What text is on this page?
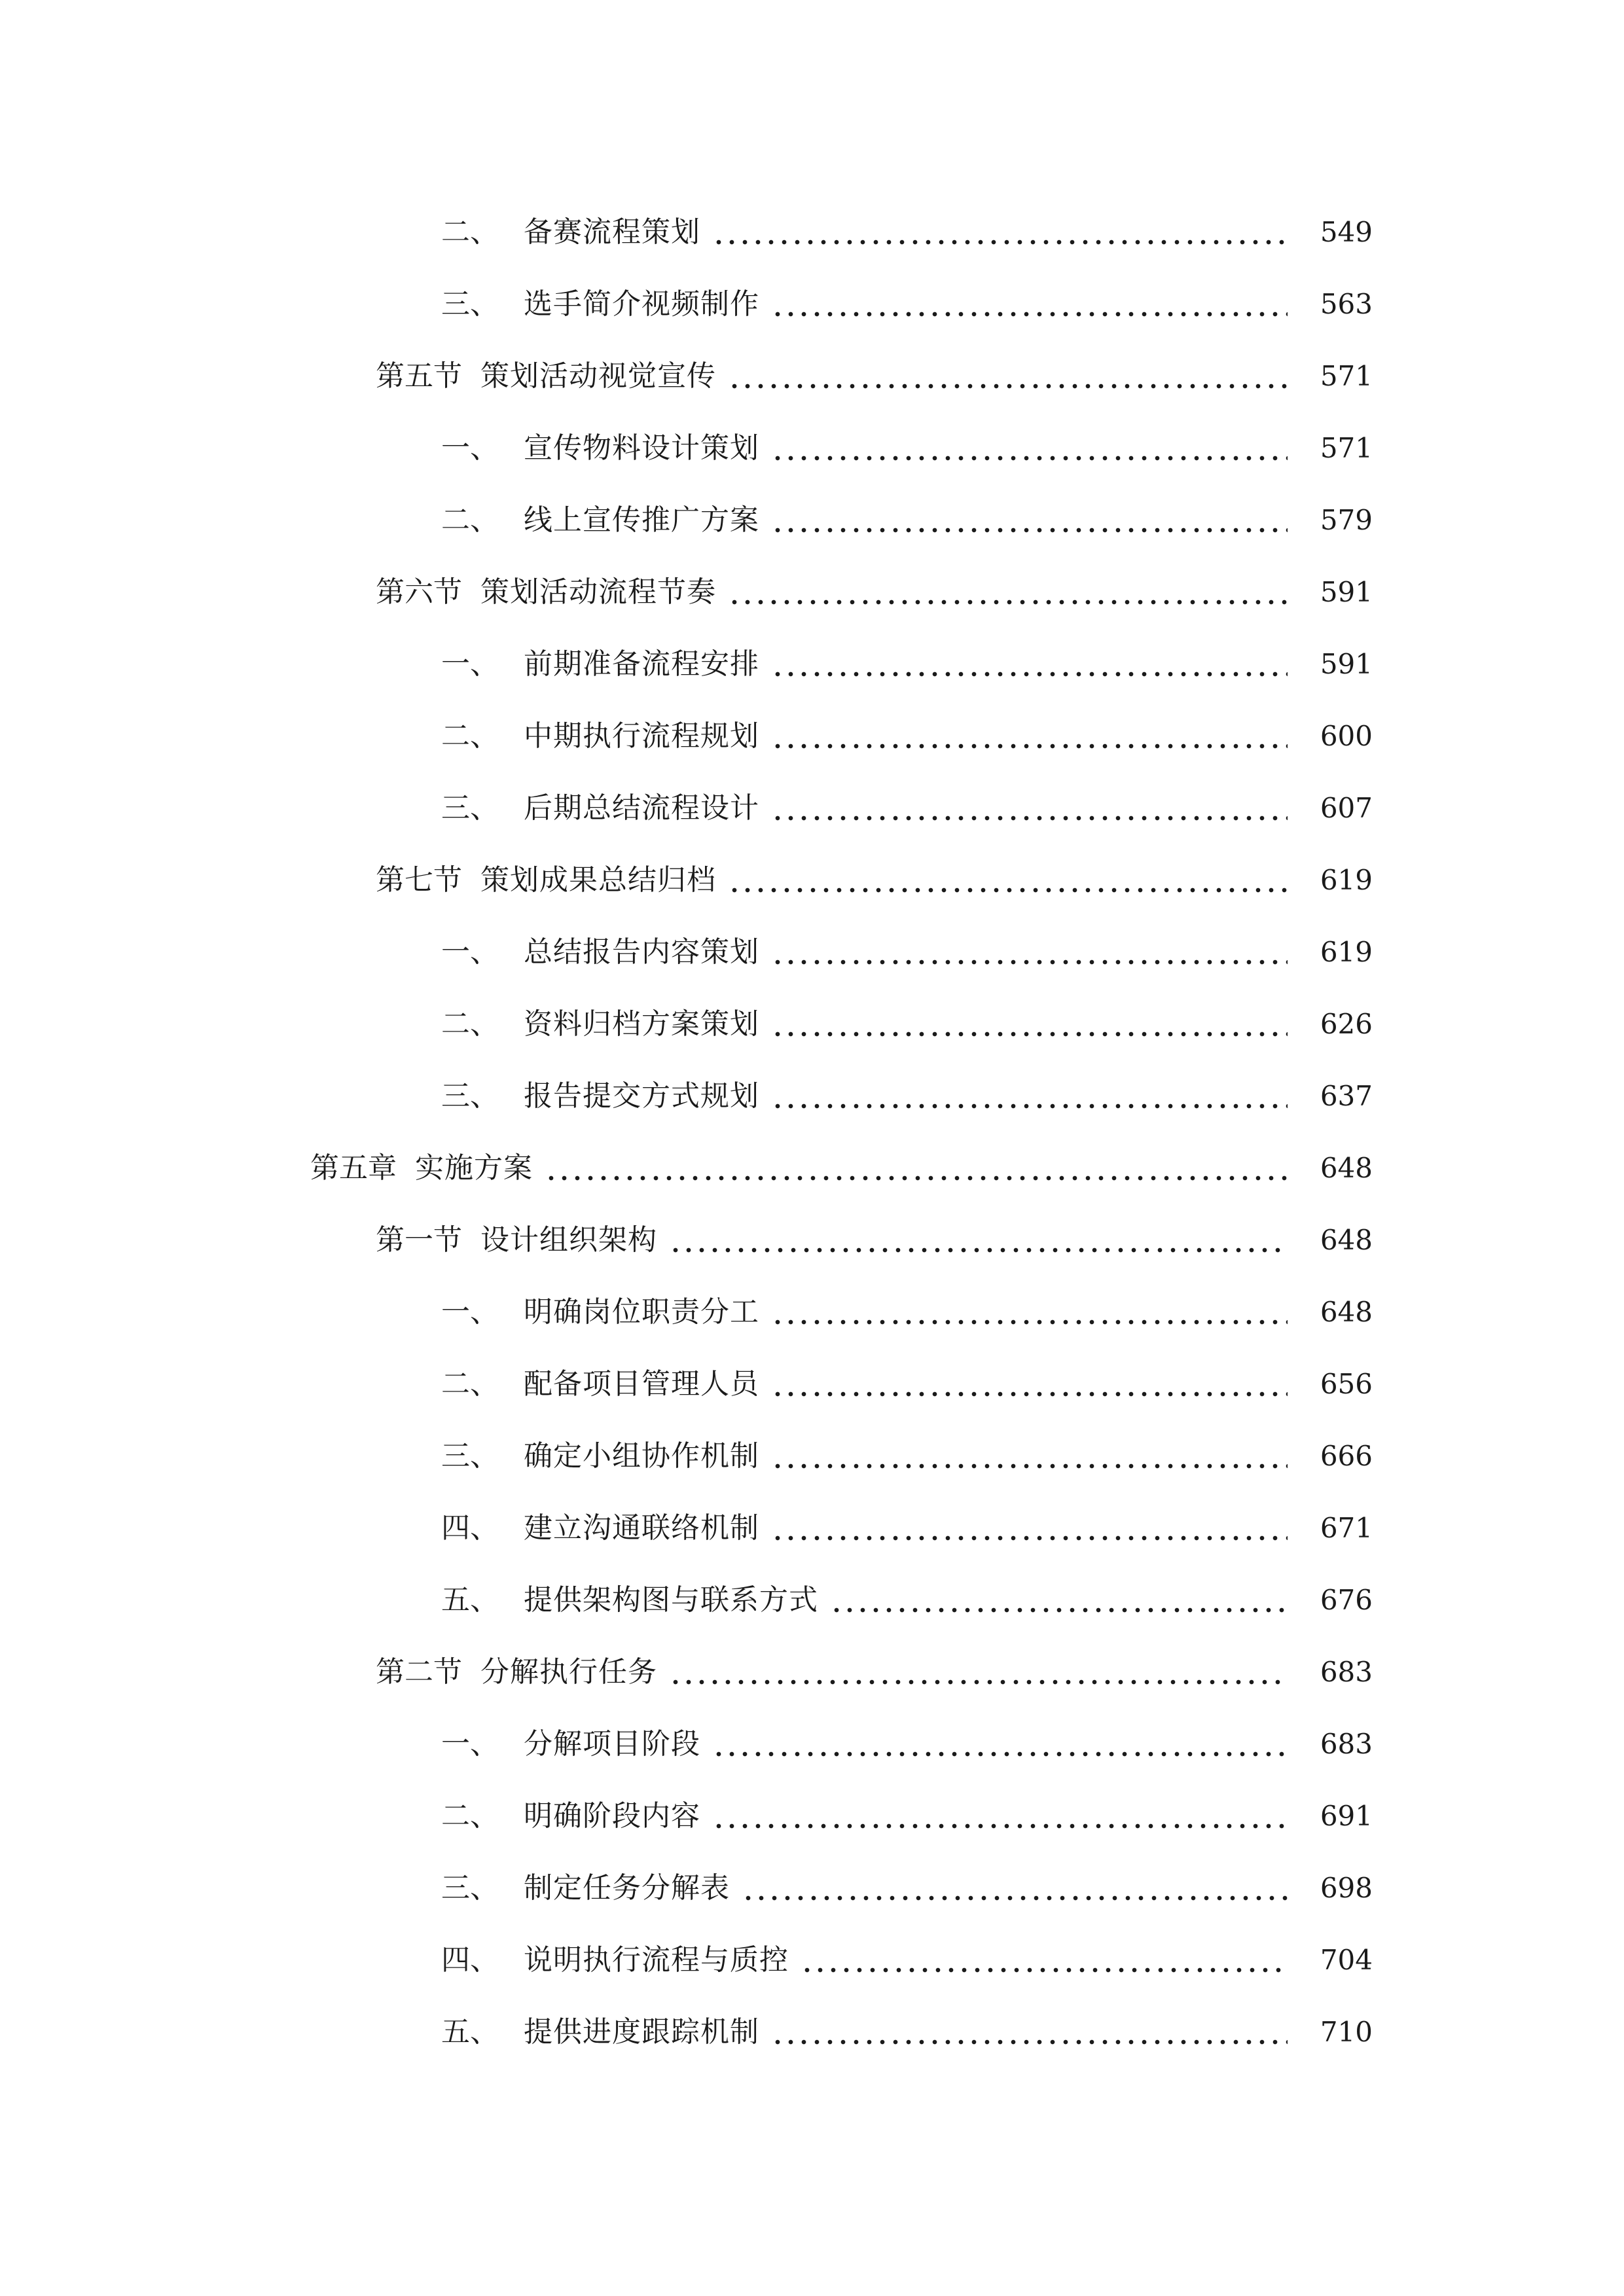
二、 备赛流程策划	549
三、 选手简介视频制作	563
第五节 策划活动视觉宣传	571
一、 宣传物料设计策划	571
二、 线上宣传推广方案	579
第六节 策划活动流程节奏	591
一、 前期准备流程安排	591
二、 中期执行流程规划	600
三、 后期总结流程设计	607
第七节 策划成果总结归档	619
一、 总结报告内容策划	619
二、 资料归档方案策划	626
三、 报告提交方式规划	637
第五章 实施方案	648
第一节 设计组织架构	648
一、 明确岗位职责分工	648
二、 配备项目管理人员	656
三、 确定小组协作机制	666
四、 建立沟通联络机制	671
五、 提供架构图与联系方式	676
第二节 分解执行任务	683
一、 分解项目阶段	683
二、 明确阶段内容	691
三、 制定任务分解表	698
四、 说明执行流程与质控	704
五、 提供进度跟踪机制	710
